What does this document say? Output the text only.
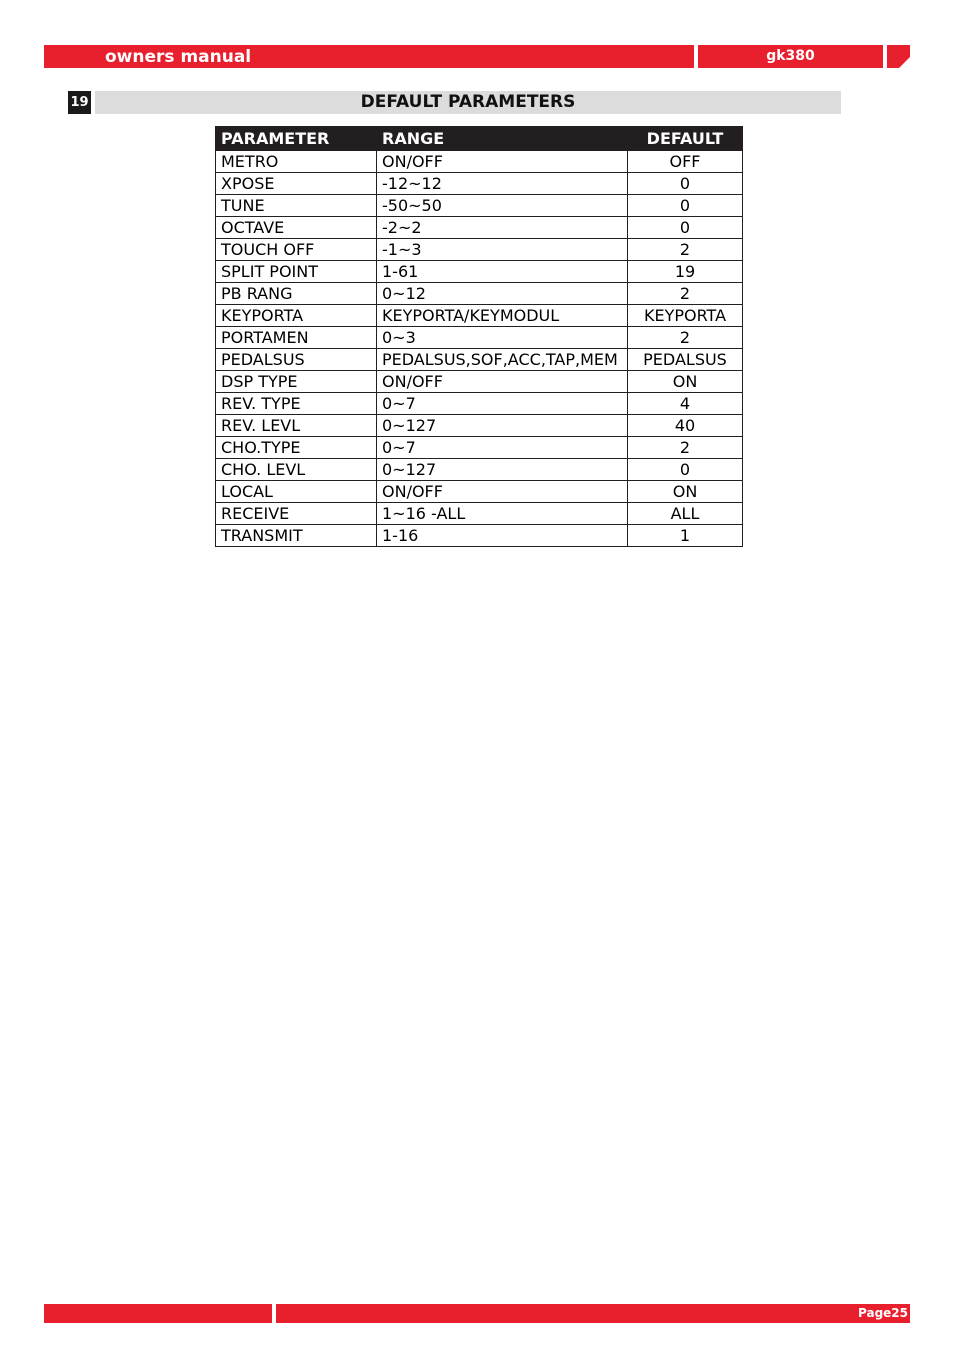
owners manual	gk380
19	DEFAULT PARAMETERS
PARAMETER	RANGE	DEFAULT
METRO	ON/OFF	OFF
XPOSE	-12~12	0
TUNE	-50~50	0
OCTAVE	-2~2	0
TOUCH OFF	-1~3	2
SPLIT POINT	1-61	19
PB RANG	0~12	2
KEYPORTA	KEYPORTA/KEYMODUL	KEYPORTA
PORTAMEN	0~3	2
PEDALSUS	PEDALSUS,SOF,ACC,TAP,MEM	PEDALSUS
DSP TYPE	ON/OFF	ON
REV. TYPE	0~7	4
REV. LEVL	0~127	40
CHO.TYPE	0~7	2
CHO. LEVL	0~127	0
LOCAL	ON/OFF	ON
RECEIVE	1~16 -ALL	ALL
TRANSMIT	1-16	1
Page25
